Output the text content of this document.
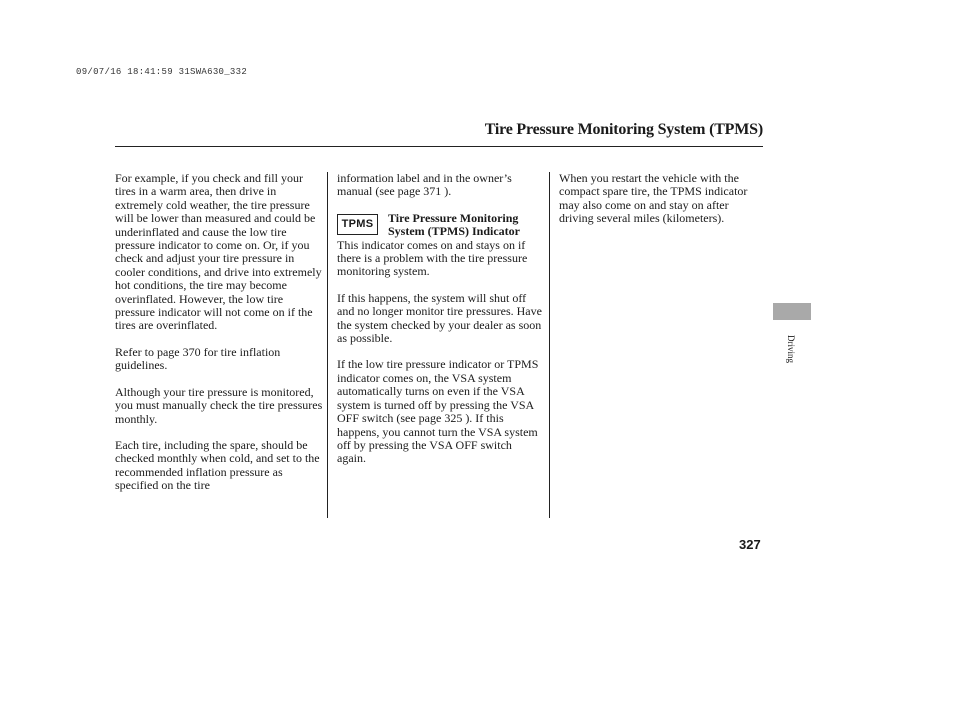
09/07/16 18:41:59 31SWA630_332
Tire Pressure Monitoring System (TPMS)

For example, if you check and fill your tires in a warm area, then drive in extremely cold weather, the tire pressure will be lower than measured and could be underinflated and cause the low tire pressure indicator to come on. Or, if you check and adjust your tire pressure in cooler conditions, and drive into extremely hot conditions, the tire may become overinflated. However, the low tire pressure indicator will not come on if the tires are overinflated.

Refer to page 370 for tire inflation guidelines.

Although your tire pressure is monitored, you must manually check the tire pressures monthly.

Each tire, including the spare, should be checked monthly when cold, and set to the recommended inflation pressure as specified on the tire

information label and in the owner’s manual (see page 371 ).

TPMS	Tire Pressure Monitoring System (TPMS) Indicator

This indicator comes on and stays on if there is a problem with the tire pressure monitoring system.

If this happens, the system will shut off and no longer monitor tire pressures. Have the system checked by your dealer as soon as possible.

If the low tire pressure indicator or TPMS indicator comes on, the VSA system automatically turns on even if the VSA system is turned off by pressing the VSA OFF switch (see page 325 ). If this happens, you cannot turn the VSA system off by pressing the VSA OFF switch again.

When you restart the vehicle with the compact spare tire, the TPMS indicator may also come on and stay on after driving several miles (kilometers).

Driving
327
